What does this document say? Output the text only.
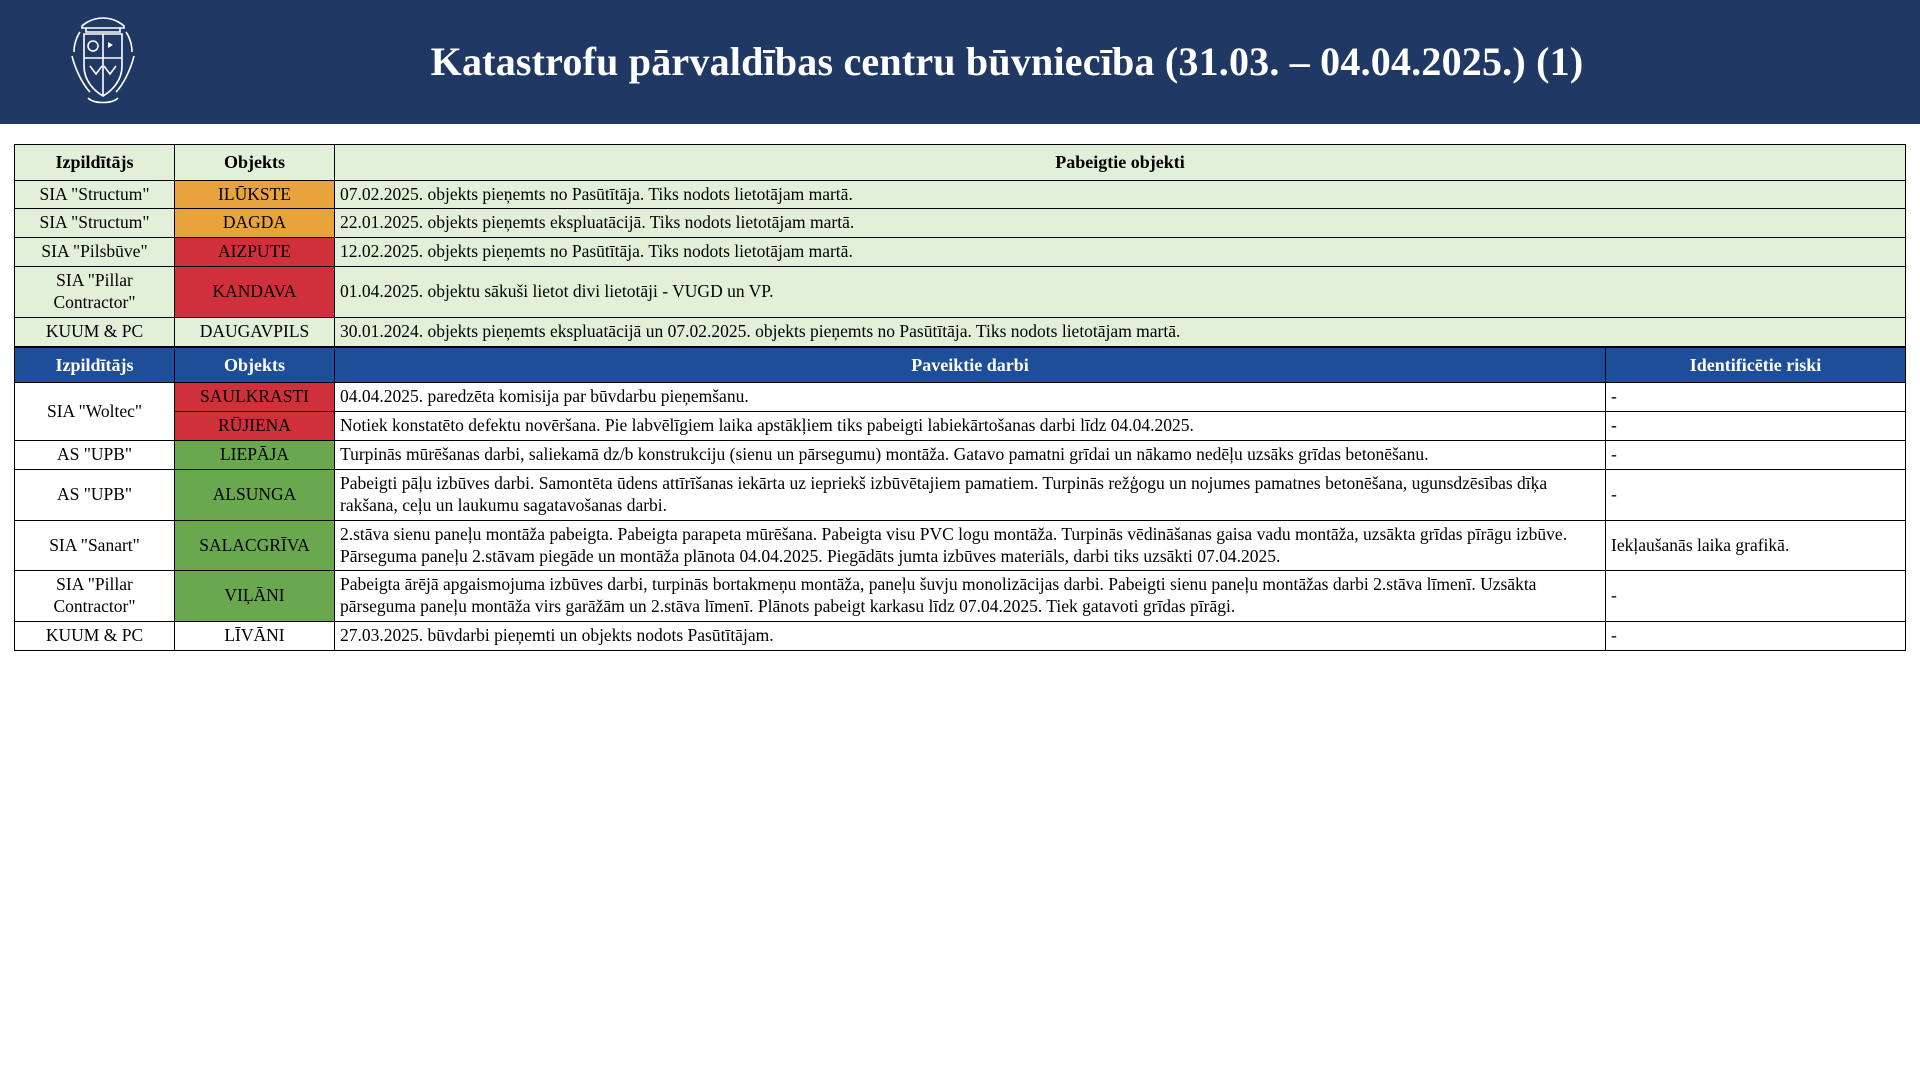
Katastrofu pārvaldības centru būvniecība (31.03. – 04.04.2025.) (1)
Izpildītājs	Objekts	Pabeigtie objekti
SIA "Structum"	ILŪKSTE	07.02.2025. objekts pieņemts no Pasūtītāja. Tiks nodots lietotājam martā.
SIA "Structum"	DAGDA	22.01.2025. objekts pieņemts ekspluatācijā. Tiks nodots lietotājam martā.
SIA "Pilsbūve"	AIZPUTE	12.02.2025. objekts pieņemts no Pasūtītāja. Tiks nodots lietotājam martā.
SIA "Pillar Contractor"	KANDAVA	01.04.2025. objektu sākuši lietot divi lietotāji - VUGD un VP.
KUUM & PC	DAUGAVPILS	30.01.2024. objekts pieņemts ekspluatācijā un 07.02.2025. objekts pieņemts no Pasūtītāja. Tiks nodots lietotājam martā.
Izpildītājs	Objekts	Paveiktie darbi	Identificētie riski
SIA "Woltec"	SAULKRASTI	04.04.2025. paredzēta komisija par būvdarbu pieņemšanu.	-
	RŪJIENA	Notiek konstatēto defektu novēršana. Pie labvēlīgiem laika apstākļiem tiks pabeigti labiekārtošanas darbi līdz 04.04.2025.	-
AS "UPB"	LIEPĀJA	Turpinās mūrēšanas darbi, saliekamā dz/b konstrukciju (sienu un pārsegumu) montāža. Gatavo pamatni grīdai un nākamo nedēļu uzsāks grīdas betonēšanu.	-
AS "UPB"	ALSUNGA	Pabeigti pāļu izbūves darbi. Samontēta ūdens attīrīšanas iekārta uz iepriekš izbūvētajiem pamatiem. Turpinās režģogu un nojumes pamatnes betonēšana, ugunsdzēsības dīķa rakšana, ceļu un laukumu sagatavošanas darbi.	-
SIA "Sanart"	SALACGRĪVA	2.stāva sienu paneļu montāža pabeigta. Pabeigta parapeta mūrēšana. Pabeigta visu PVC logu montāža. Turpinās vēdināšanas gaisa vadu montāža, uzsākta grīdas pīrāgu izbūve. Pārseguma paneļu 2.stāvam piegāde un montāža plānota 04.04.2025. Piegādāts jumta izbūves materiāls, darbi tiks uzsākti 07.04.2025.	Iekļaušanās laika grafikā.
SIA "Pillar Contractor"	VIĻĀNI	Pabeigta ārējā apgaismojuma izbūves darbi, turpinās bortakmeņu montāža, paneļu šuvju monolizācijas darbi. Pabeigti sienu paneļu montāžas darbi 2.stāva līmenī. Uzsākta pārseguma paneļu montāža virs garāžām un 2.stāva līmenī. Plānots pabeigt karkasu līdz 07.04.2025. Tiek gatavoti grīdas pīrāgi.	-
KUUM & PC	LĪVĀNI	27.03.2025. būvdarbi pieņemti un objekts nodots Pasūtītājam.	-
